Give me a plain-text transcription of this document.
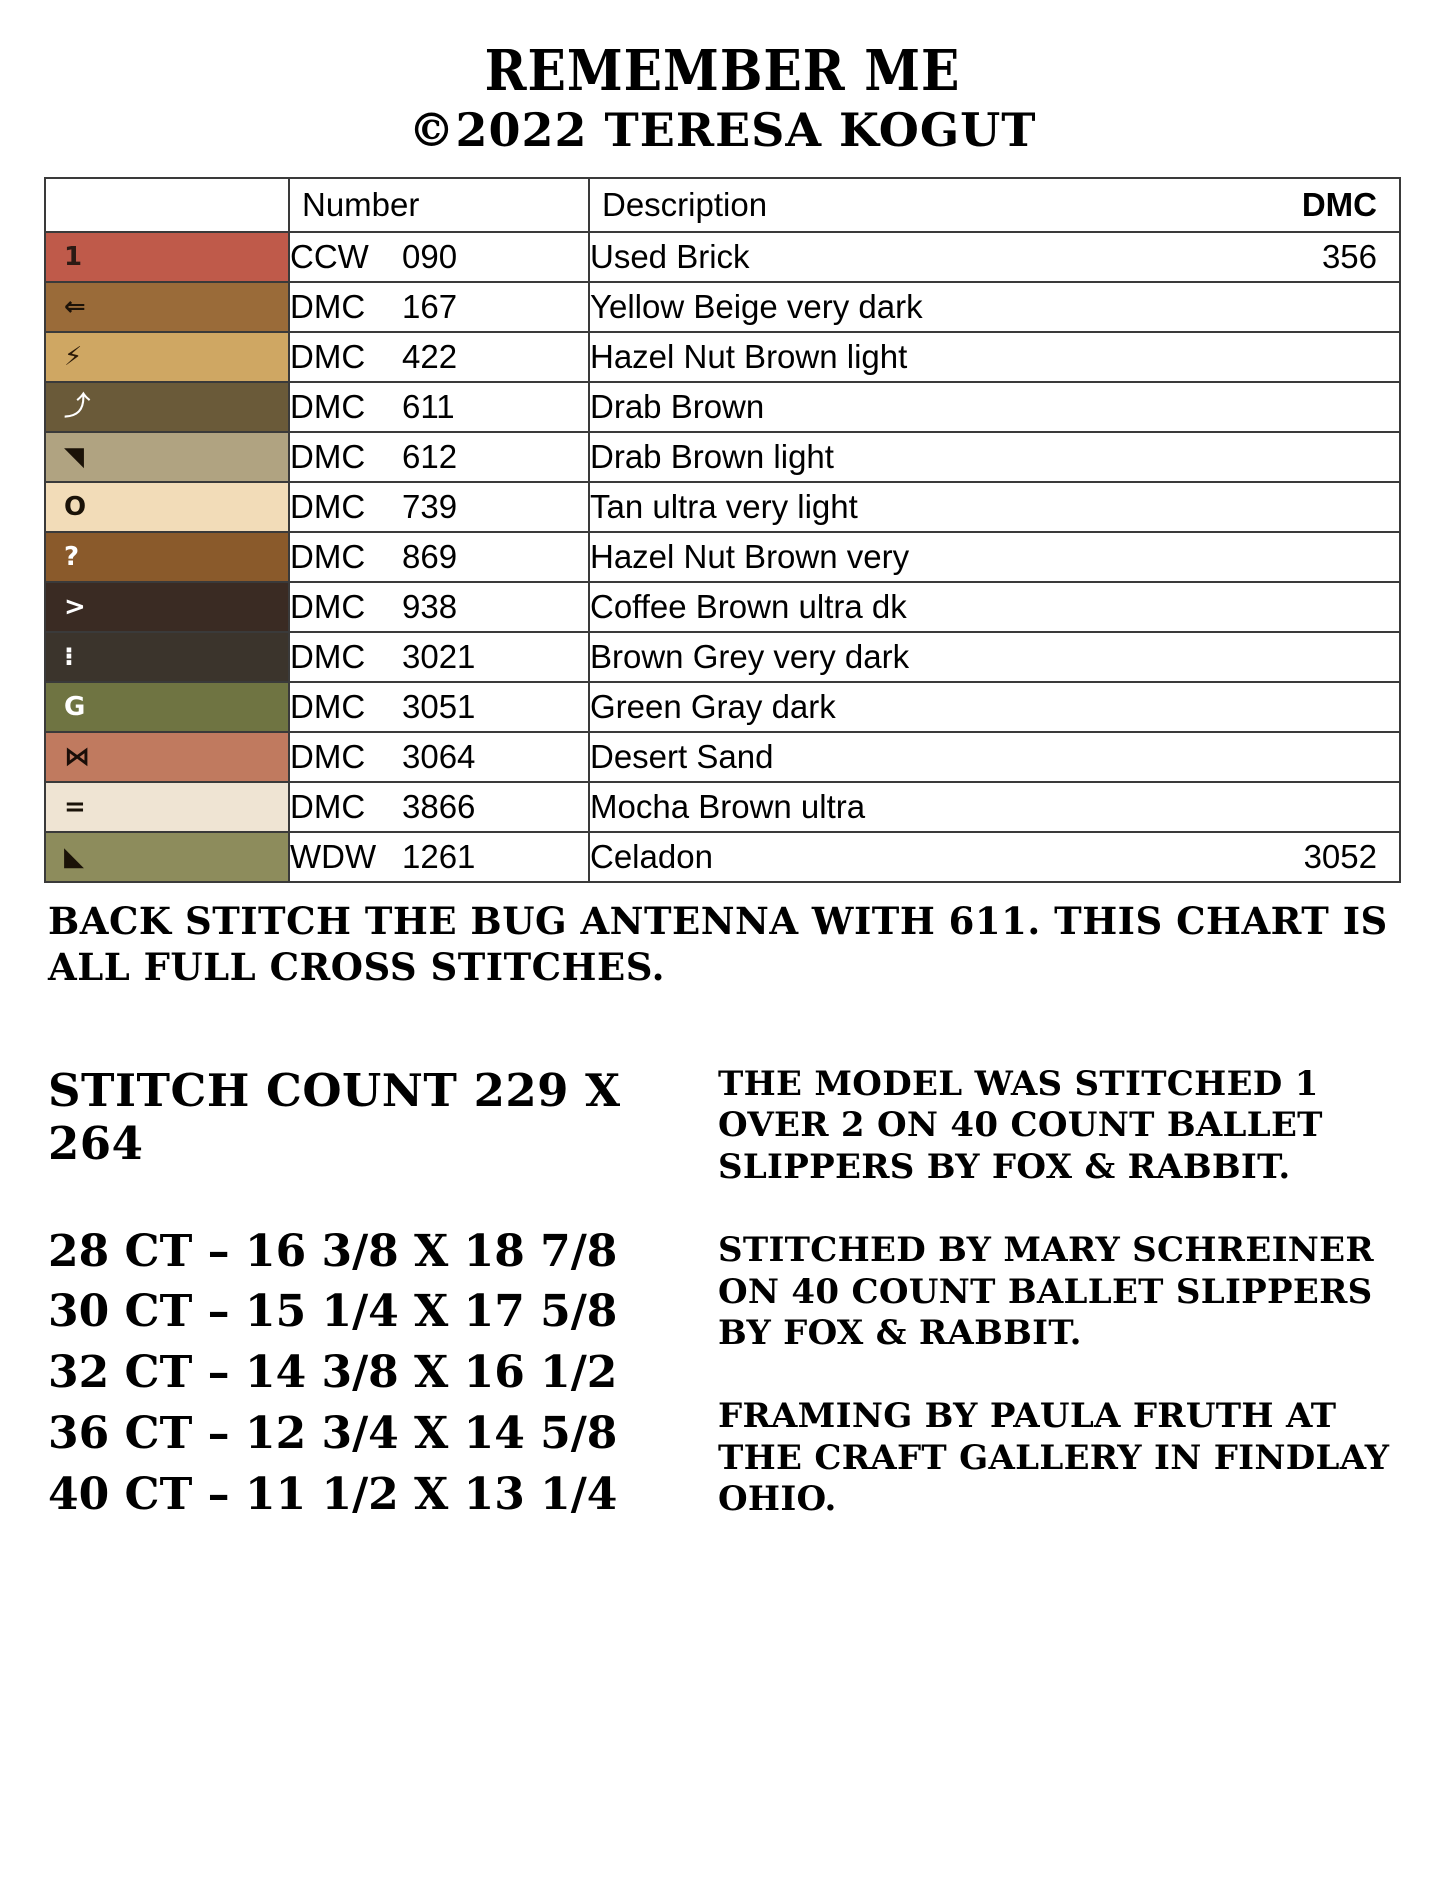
REMEMBER ME
©2022 TERESA KOGUT
	Number	Description DMC

1	CCW 090	Used Brick 356

⇐	DMC 167	Yellow Beige very dark

⚡	DMC 422	Hazel Nut Brown light

⤴	DMC 611	Drab Brown

◥	DMC 612	Drab Brown light

O	DMC 739	Tan ultra very light

?	DMC 869	Hazel Nut Brown very

>	DMC 938	Coffee Brown ultra dk

⁝	DMC 3021	Brown Grey very dark

G	DMC 3051	Green Gray dark

⋈	DMC 3064	Desert Sand

=	DMC 3866	Mocha Brown ultra

◣	WDW 1261	Celadon 3052
BACK STITCH THE BUG ANTENNA WITH 611. THIS CHART IS ALL FULL CROSS STITCHES.
STITCH COUNT 229 X 264
28 CT – 16 3/8 X 18 7/8
30 CT – 15 1/4 X 17 5/8
32 CT – 14 3/8 X 16 1/2
36 CT – 12 3/4 X 14 5/8
40 CT – 11 1/2 X 13 1/4
THE MODEL WAS STITCHED 1 OVER 2 ON 40 COUNT BALLET SLIPPERS BY FOX & RABBIT.
STITCHED BY MARY SCHREINER ON 40 COUNT BALLET SLIPPERS BY FOX & RABBIT.
FRAMING BY PAULA FRUTH AT THE CRAFT GALLERY IN FINDLAY OHIO.
